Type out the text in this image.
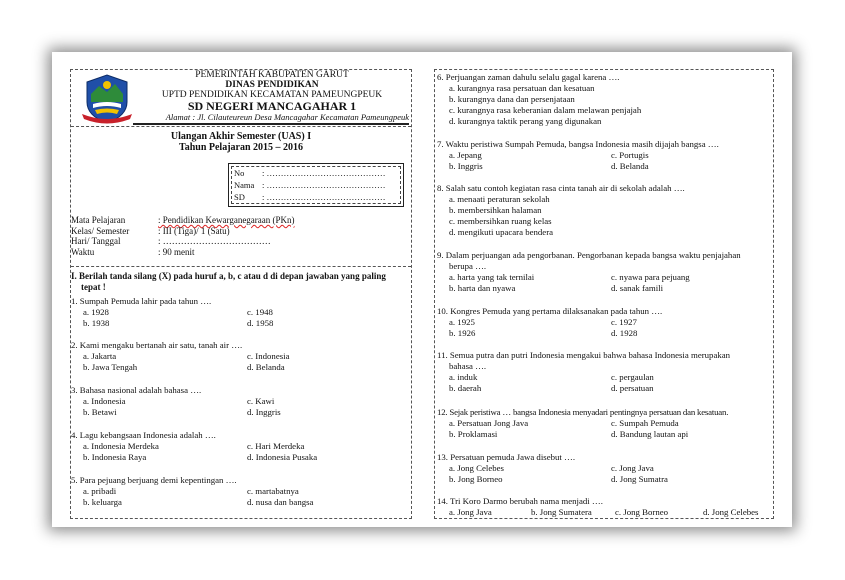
PEMERINTAH KABUPATEN GARUT
DINAS PENDIDIKAN
UPTD PENDIDIKAN KECAMATAN PAMEUNGPEUK
SD NEGERI MANCAGAHAR 1
Alamat : Jl. Cilauteureun Desa Mancagahar Kecamatan Pameungpeuk
Ulangan Akhir Semester (UAS) I
Tahun Pelajaran 2015 – 2016
No	: ……………………………………
Nama : ……………………………………
SD	: ……………………………………
Mata Pelajaran	: Pendidikan Kewarganegaraan (PKn)
Kelas/ Semester	: III (Tiga)/ 1 (Satu)
Hari/ Tanggal	: ………………………………
Waktu	: 90 menit
I. Berilah tanda silang (X) pada huruf a, b, c atau d di depan jawaban yang paling
tepat !
1. Sumpah Pemuda lahir pada tahun ….
a. 1928	c. 1948
b. 1938	d. 1958
2. Kami mengaku bertanah air satu, tanah air ….
a. Jakarta	c. Indonesia
b. Jawa Tengah	d. Belanda
3. Bahasa nasional adalah bahasa ….
a. Indonesia	c. Kawi
b. Betawi	d. Inggris
4. Lagu kebangsaan Indonesia adalah ….
a. Indonesia Merdeka	c. Hari Merdeka
b. Indonesia Raya	d. Indonesia Pusaka
5. Para pejuang berjuang demi kepentingan ….
a. pribadi	c. martabatnya
b. keluarga	d. nusa dan bangsa
6. Perjuangan zaman dahulu selalu gagal karena ….
a. kurangnya rasa persatuan dan kesatuan
b. kurangnya dana dan persenjataan
c. kurangnya rasa keberanian dalam melawan penjajah
d. kurangnya taktik perang yang digunakan
7. Waktu peristiwa Sumpah Pemuda, bangsa Indonesia masih dijajah bangsa ….
a. Jepang	c. Portugis
b. Inggris	d. Belanda
8. Salah satu contoh kegiatan rasa cinta tanah air di sekolah adalah ….
a. menaati peraturan sekolah
b. membersihkan halaman
c. membersihkan ruang kelas
d. mengikuti upacara bendera
9. Dalam perjuangan ada pengorbanan. Pengorbanan kepada bangsa waktu penjajahan
berupa ….
a. harta yang tak ternilai	c. nyawa para pejuang
b. harta dan nyawa	d. sanak famili
10. Kongres Pemuda yang pertama dilaksanakan pada tahun ….
a. 1925	c. 1927
b. 1926	d. 1928
11. Semua putra dan putri Indonesia mengakui bahwa bahasa Indonesia merupakan
bahasa ….
a. induk	c. pergaulan
b. daerah	d. persatuan
12. Sejak peristiwa … bangsa Indonesia menyadari pentingnya persatuan dan kesatuan.
a. Persatuan Jong Java	c. Sumpah Pemuda
b. Proklamasi	d. Bandung lautan api
13. Persatuan pemuda Jawa disebut ….
a. Jong Celebes	c. Jong Java
b. Jong Borneo	d. Jong Sumatra
14. Tri Koro Darmo berubah nama menjadi ….
a. Jong Java	b. Jong Sumatera	c. Jong Borneo	d. Jong Celebes
